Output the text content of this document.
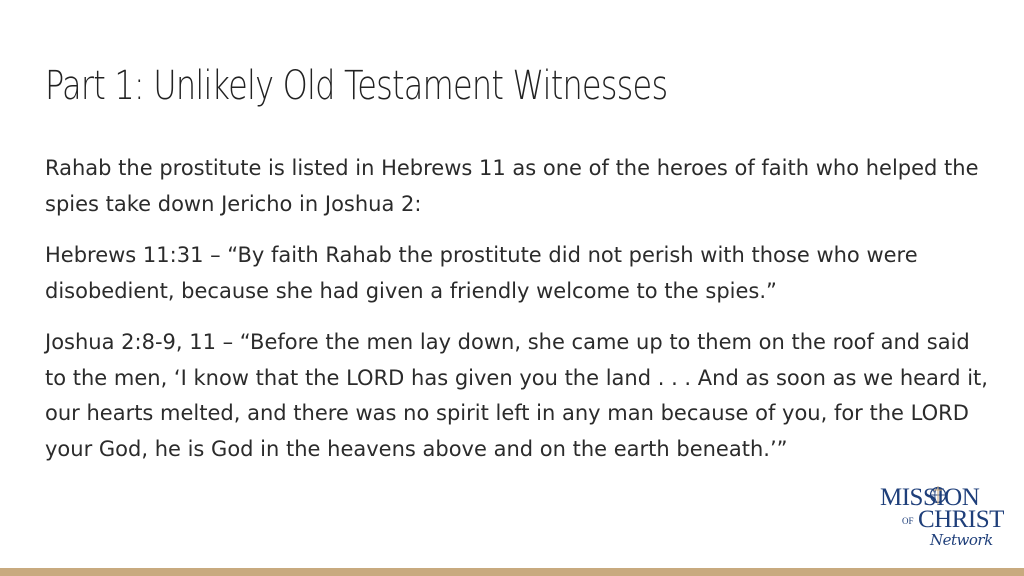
Part 1: Unlikely Old Testament Witnesses

Rahab the prostitute is listed in Hebrews 11 as one of the heroes of faith who helped the spies take down Jericho in Joshua 2:

Hebrews 11:31 – “By faith Rahab the prostitute did not perish with those who were disobedient, because she had given a friendly welcome to the spies.”

Joshua 2:8-9, 11 – “Before the men lay down, she came up to them on the roof and said to the men, ‘I know that the LORD has given you the land . . . And as soon as we heard it, our hearts melted, and there was no spirit left in any man because of you, for the LORD your God, he is God in the heavens above and on the earth beneath.’”

MISSION
OF CHRIST
Network
